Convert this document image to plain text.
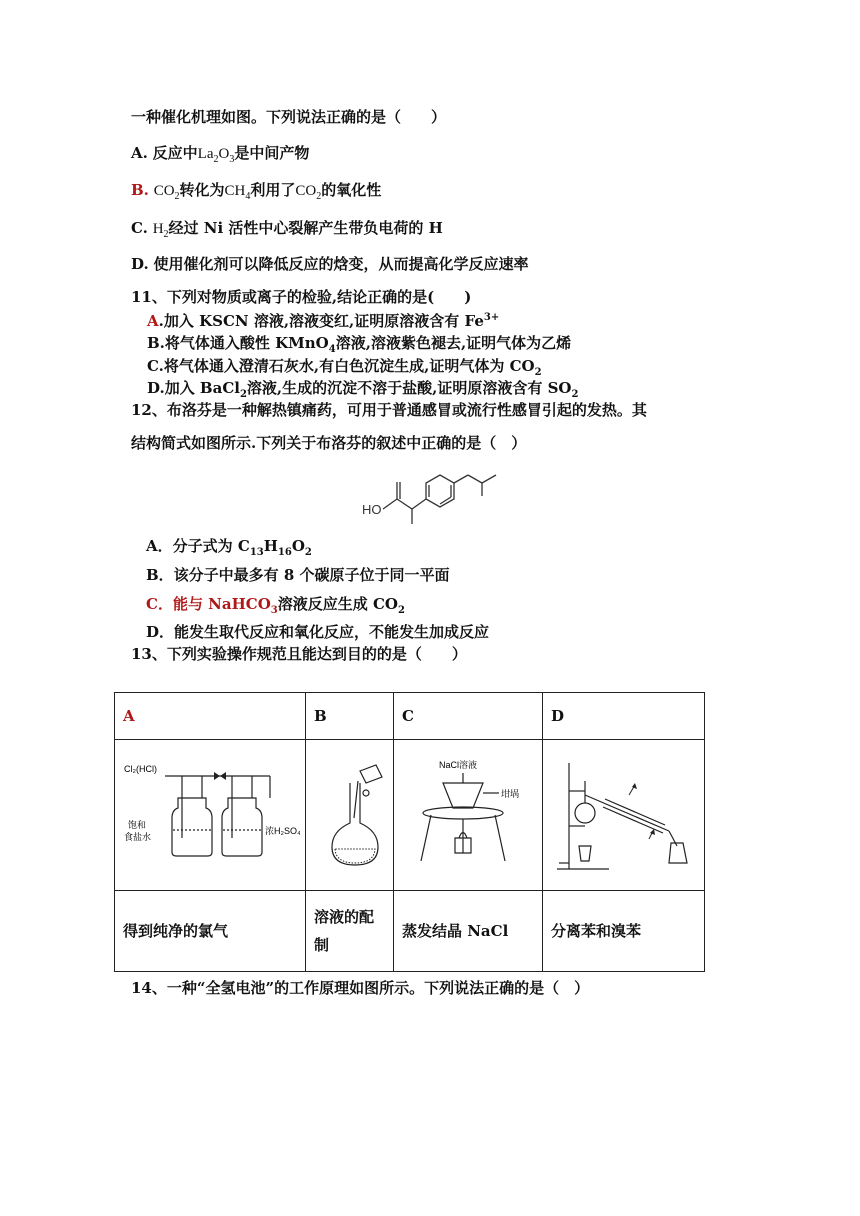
一种催化机理如图。下列说法正确的是（　　）
A. 反应中$La_2O_3$是中间产物
B. $CO_2$转化为$CH_4$利用了$CO_2$的氧化性
C. $H_2$经过 Ni 活性中心裂解产生带负电荷的 H
D. 使用催化剂可以降低反应的焓变，从而提高化学反应速率
11、下列对物质或离子的检验,结论正确的是(　　)
A.加入 KSCN 溶液,溶液变红,证明原溶液含有 $Fe^{3+}$
B.将气体通入酸性 KMnO$_4$溶液,溶液紫色褪去,证明气体为乙烯
C.将气体通入澄清石灰水,有白色沉淀生成,证明气体为 $CO_2$
D.加入 BaCl$_2$溶液,生成的沉淀不溶于盐酸,证明原溶液含有 $SO_2$
12、布洛芬是一种解热镇痛药，可用于普通感冒或流行性感冒引起的发热。其
结构简式如图所示.下列关于布洛芬的叙述中正确的是（　）
HO
A．分子式为 $C_{13}H_{16}O_2$
B．该分子中最多有 8 个碳原子位于同一平面
C．能与 NaHCO$_3$溶液反应生成 $CO_2$
D．能发生取代反应和氧化反应，不能发生加成反应
13、下列实验操作规范且能达到目的的是（　　）
A	B	C	D

Cl₂(HCl)
饱和
食盐水
浓H₂SO₄		NaCl溶液
坩埚

得到纯净的氯气	溶液的配制	蒸发结晶 NaCl	分离苯和溴苯
14、一种“全氢电池”的工作原理如图所示。下列说法正确的是（　）
